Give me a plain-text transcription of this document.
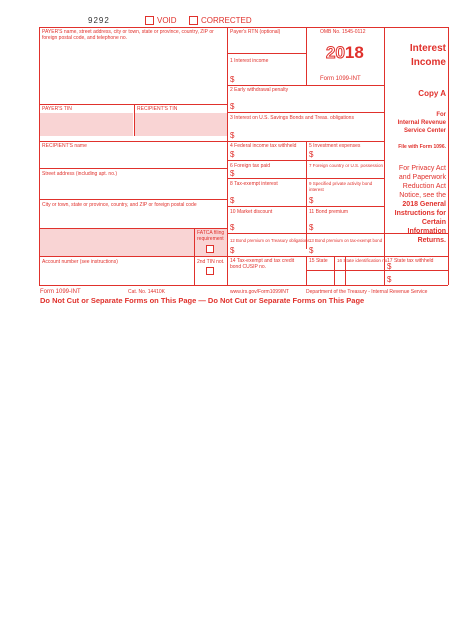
9292	VOID	CORRECTED
PAYER'S name, street address, city or town, state or province, country, ZIP or foreign postal code, and telephone no.
PAYER'S TIN	RECIPIENT'S TIN
RECIPIENT'S name
Street address (including apt. no.)
City or town, state or province, country, and ZIP or foreign postal code
FATCA filing requirement
Account number (see instructions)	2nd TIN not.
Payer's RTN (optional)
1 Interest income
$
OMB No. 1545-0112
2018
Form 1099-INT
Interest
Income
Copy A
For
Internal Revenue
Service Center
File with Form 1096.
For Privacy Act
and Paperwork
Reduction Act
Notice, see the
2018 General
Instructions for
Certain
Information
Returns.
2 Early withdrawal penalty
$
3 Interest on U.S. Savings Bonds and Treas. obligations
$
4 Federal income tax withheld
$
5 Investment expenses
$
6 Foreign tax paid
$
7 Foreign country or U.S. possession
8 Tax-exempt interest
$
9 Specified private activity bond interest
$
10 Market discount
$
11 Bond premium
$
12 Bond premium on Treasury obligations
$
13 Bond premium on tax-exempt bond
$
14 Tax-exempt and tax credit bond CUSIP no.
15 State 16 State identification no.
17 State tax withheld
$
$
Form 1099-INT	Cat. No. 14410K	www.irs.gov/Form1099INT	Department of the Treasury - Internal Revenue Service
Do Not Cut or Separate Forms on This Page — Do Not Cut or Separate Forms on This Page
